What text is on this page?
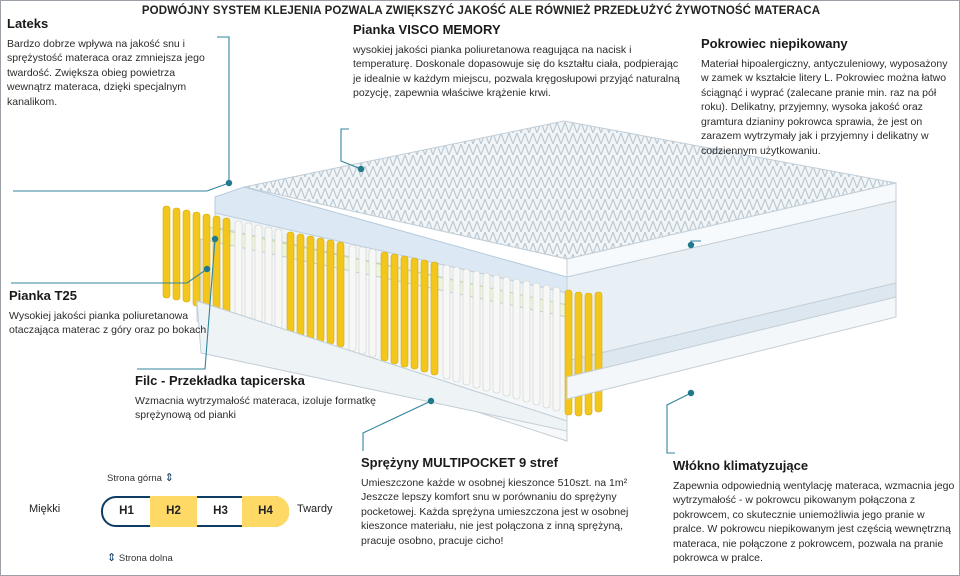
PODWÓJNY SYSTEM KLEJENIA POZWALA ZWIĘKSZYĆ JAKOŚĆ ALE RÓWNIEŻ PRZEDŁUŻYĆ ŻYWOTNOŚĆ MATERACA
Lateks
Bardzo dobrze wpływa na jakość snu i sprężystość materaca oraz zmniejsza jego twardość. Zwiększa obieg powietrza wewnątrz materaca, dzięki specjalnym kanalikom.
Pianka VISCO MEMORY
wysokiej jakości pianka poliuretanowa reagująca na nacisk i temperaturę. Doskonale dopasowuje się do kształtu ciała, podpierając je idealnie w każdym miejscu, pozwala kręgosłupowi przyjąć naturalną pozycję, zapewnia właściwe krążenie krwi.
Pokrowiec niepikowany
Materiał hipoalergiczny, antyczuleniowy, wyposażony w zamek w kształcie litery L. Pokrowiec można łatwo ściągnąć i wyprać (zalecane pranie min. raz na pół roku). Delikatny, przyjemny, wysoka jakość oraz gramtura dzianiny pokrowca sprawia, że jest on zarazem wytrzymały jak i przyjemny i delikatny w codziennym użytkowaniu.
Pianka T25
Wysokiej jakości pianka poliuretanowa otaczająca materac z góry oraz po bokach
Filc - Przekładka tapicerska
Wzmacnia wytrzymałość materaca, izoluje formatkę sprężynową od pianki
Sprężyny MULTIPOCKET 9 stref
Umieszczone każde w osobnej kieszonce 510szt. na 1m² Jeszcze lepszy komfort snu w porównaniu do sprężyny pocketowej. Każda sprężyna umieszczona jest w osobnej kieszonce materiału, nie jest połączona z inną sprężyną, pracuje osobno, pracuje cicho!
Włókno klimatyzujące
Zapewnia odpowiednią wentylację materaca, wzmacnia jego wytrzymałość - w pokrowcu pikowanym połączona z pokrowcem, co skutecznie uniemożliwia jego pranie w pralce. W pokrowcu niepikowanym jest częścią wewnętrzną materaca, nie połączone z pokrowcem, pozwala na pranie pokrowca w pralce.
Strona górna ⇕
Miękki	H1	H2	H3	H4	Twardy
⇕ Strona dolna
